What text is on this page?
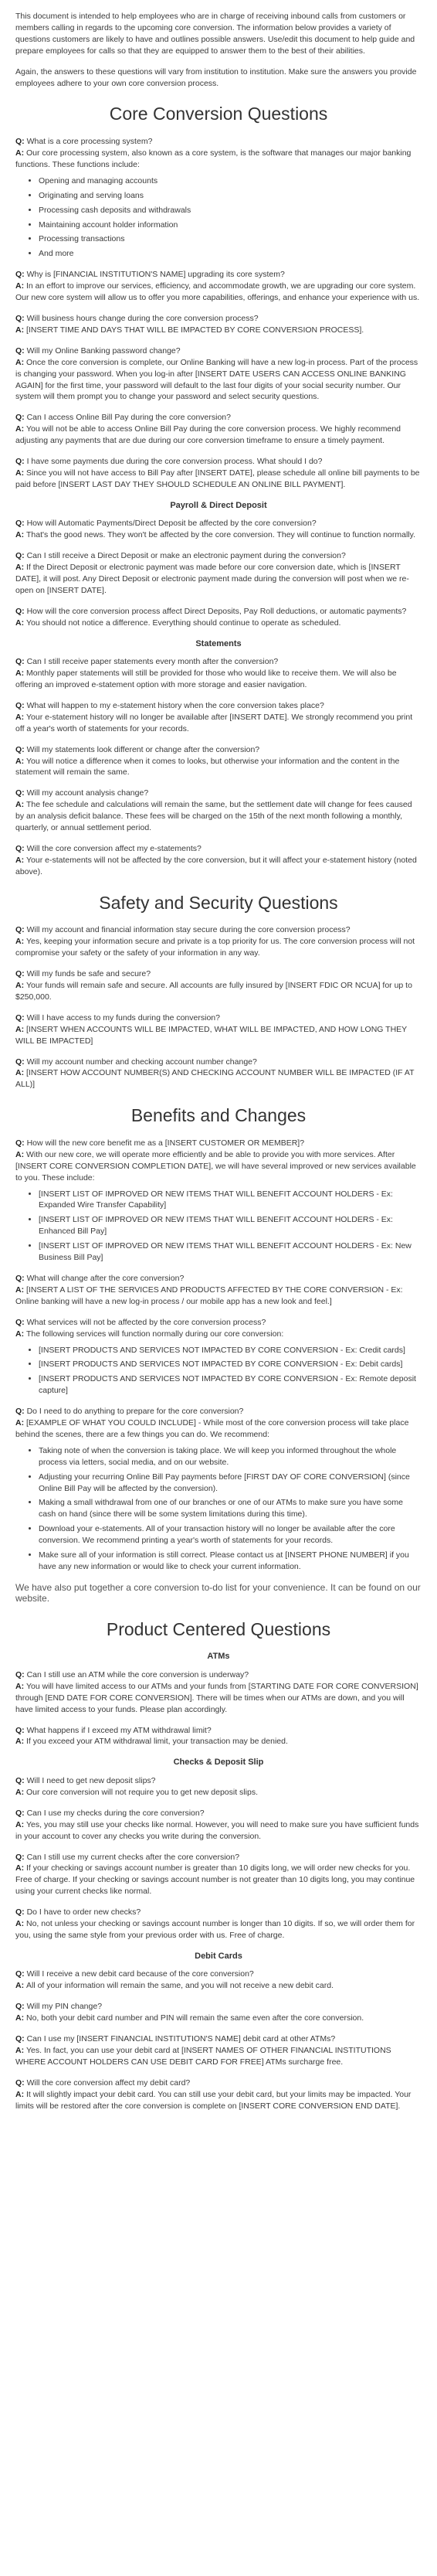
This document is intended to help employees who are in charge of receiving inbound calls from customers or members calling in regards to the upcoming core conversion. The information below provides a variety of questions customers are likely to have and outlines possible answers. Use/edit this document to help guide and prepare employees for calls so that they are equipped to answer them to the best of their abilities.

Again, the answers to these questions will vary from institution to institution. Make sure the answers you provide employees adhere to your own core conversion process.

Core Conversion Questions
Q: What is a core processing system?
A: Our core processing system, also known as a core system, is the software that manages our major banking functions. These functions include:
• Opening and managing accounts
• Originating and serving loans
• Processing cash deposits and withdrawals
• Maintaining account holder information
• Processing transactions
• And more
Q: Why is [FINANCIAL INSTITUTION'S NAME] upgrading its core system?
A: In an effort to improve our services, efficiency, and accommodate growth, we are upgrading our core system. Our new core system will allow us to offer you more capabilities, offerings, and enhance your experience with us.
Q: Will business hours change during the core conversion process?
A: [INSERT TIME AND DAYS THAT WILL BE IMPACTED BY CORE CONVERSION PROCESS].
Q: Will my Online Banking password change?
A: Once the core conversion is complete, our Online Banking will have a new log-in process. Part of the process is changing your password. When you log-in after [INSERT DATE USERS CAN ACCESS ONLINE BANKING AGAIN] for the first time, your password will default to the last four digits of your social security number. Our system will them prompt you to change your password and select security questions.
Q: Can I access Online Bill Pay during the core conversion?
A: You will not be able to access Online Bill Pay during the core conversion process. We highly recommend adjusting any payments that are due during our core conversion timeframe to ensure a timely payment.
Q: I have some payments due during the core conversion process. What should I do?
A: Since you will not have access to Bill Pay after [INSERT DATE], please schedule all online bill payments to be paid before [INSERT LAST DAY THEY SHOULD SCHEDULE AN ONLINE BILL PAYMENT].
Payroll & Direct Deposit
Q: How will Automatic Payments/Direct Deposit be affected by the core conversion?
A: That's the good news. They won't be affected by the core conversion. They will continue to function normally.
Q: Can I still receive a Direct Deposit or make an electronic payment during the conversion?
A: If the Direct Deposit or electronic payment was made before our core conversion date, which is [INSERT DATE], it will post. Any Direct Deposit or electronic payment made during the conversion will post when we re-open on [INSERT DATE].
Q: How will the core conversion process affect Direct Deposits, Pay Roll deductions, or automatic payments?
A: You should not notice a difference. Everything should continue to operate as scheduled.
Statements
Q: Can I still receive paper statements every month after the conversion?
A: Monthly paper statements will still be provided for those who would like to receive them. We will also be offering an improved e-statement option with more storage and easier navigation.
Q: What will happen to my e-statement history when the core conversion takes place?
A: Your e-statement history will no longer be available after [INSERT DATE]. We strongly recommend you print off a year's worth of statements for your records.
Q: Will my statements look different or change after the conversion?
A: You will notice a difference when it comes to looks, but otherwise your information and the content in the statement will remain the same.
Q: Will my account analysis change?
A: The fee schedule and calculations will remain the same, but the settlement date will change for fees caused by an analysis deficit balance. These fees will be charged on the 15th of the next month following a monthly, quarterly, or annual settlement period.
Q: Will the core conversion affect my e-statements?
A: Your e-statements will not be affected by the core conversion, but it will affect your e-statement history (noted above).
Safety and Security Questions
Q: Will my account and financial information stay secure during the core conversion process?
A: Yes, keeping your information secure and private is a top priority for us. The core conversion process will not compromise your safety or the safety of your information in any way.
Q: Will my funds be safe and secure?
A: Your funds will remain safe and secure. All accounts are fully insured by [INSERT FDIC OR NCUA] for up to $250,000.
Q: Will I have access to my funds during the conversion?
A: [INSERT WHEN ACCOUNTS WILL BE IMPACTED, WHAT WILL BE IMPACTED, AND HOW LONG THEY WILL BE IMPACTED]
Q: Will my account number and checking account number change?
A: [INSERT HOW ACCOUNT NUMBER(S) AND CHECKING ACCOUNT NUMBER WILL BE IMPACTED (IF AT ALL)]
Benefits and Changes
Q: How will the new core benefit me as a [INSERT CUSTOMER OR MEMBER]?
A: With our new core, we will operate more efficiently and be able to provide you with more services. After [INSERT CORE CONVERSION COMPLETION DATE], we will have several improved or new services available to you. These include:
• [INSERT LIST OF IMPROVED OR NEW ITEMS THAT WILL BENEFIT ACCOUNT HOLDERS - Ex: Expanded Wire Transfer Capability]
• [INSERT LIST OF IMPROVED OR NEW ITEMS THAT WILL BENEFIT ACCOUNT HOLDERS - Ex: Enhanced Bill Pay]
• [INSERT LIST OF IMPROVED OR NEW ITEMS THAT WILL BENEFIT ACCOUNT HOLDERS - Ex: New Business Bill Pay]
Q: What will change after the core conversion?
A: [INSERT A LIST OF THE SERVICES AND PRODUCTS AFFECTED BY THE CORE CONVERSION - Ex: Online banking will have a new log-in process / our mobile app has a new look and feel.]
Q: What services will not be affected by the core conversion process?
A: The following services will function normally during our core conversion:
• [INSERT PRODUCTS AND SERVICES NOT IMPACTED BY CORE CONVERSION - Ex: Credit cards]
• [INSERT PRODUCTS AND SERVICES NOT IMPACTED BY CORE CONVERSION - Ex: Debit cards]
• [INSERT PRODUCTS AND SERVICES NOT IMPACTED BY CORE CONVERSION - Ex: Remote deposit capture]
Q: Do I need to do anything to prepare for the core conversion?
A: [EXAMPLE OF WHAT YOU COULD INCLUDE] - While most of the core conversion process will take place behind the scenes, there are a few things you can do. We recommend:
• Taking note of when the conversion is taking place. We will keep you informed throughout the whole process via letters, social media, and on our website.
• Adjusting your recurring Online Bill Pay payments before [FIRST DAY OF CORE CONVERSION] (since Online Bill Pay will be affected by the conversion).
• Making a small withdrawal from one of our branches or one of our ATMs to make sure you have some cash on hand (since there will be some system limitations during this time).
• Download your e-statements. All of your transaction history will no longer be available after the core conversion. We recommend printing a year's worth of statements for your records.
• Make sure all of your information is still correct. Please contact us at [INSERT PHONE NUMBER] if you have any new information or would like to check your current information.
We have also put together a core conversion to-do list for your convenience. It can be found on our website.
Product Centered Questions
ATMs
Q: Can I still use an ATM while the core conversion is underway?
A: You will have limited access to our ATMs and your funds from [STARTING DATE FOR CORE CONVERSION] through [END DATE FOR CORE CONVERSION]. There will be times when our ATMs are down, and you will have limited access to your funds. Please plan accordingly.
Q: What happens if I exceed my ATM withdrawal limit?
A: If you exceed your ATM withdrawal limit, your transaction may be denied.
Checks & Deposit Slip
Q: Will I need to get new deposit slips?
A: Our core conversion will not require you to get new deposit slips.
Q: Can I use my checks during the core conversion?
A: Yes, you may still use your checks like normal. However, you will need to make sure you have sufficient funds in your account to cover any checks you write during the conversion.
Q: Can I still use my current checks after the core conversion?
A: If your checking or savings account number is greater than 10 digits long, we will order new checks for you. Free of charge. If your checking or savings account number is not greater than 10 digits long, you may continue using your current checks like normal.
Q: Do I have to order new checks?
A: No, not unless your checking or savings account number is longer than 10 digits. If so, we will order them for you, using the same style from your previous order with us. Free of charge.
Debit Cards
Q: Will I receive a new debit card because of the core conversion?
A: All of your information will remain the same, and you will not receive a new debit card.
Q: Will my PIN change?
A: No, both your debit card number and PIN will remain the same even after the core conversion.
Q: Can I use my [INSERT FINANCIAL INSTITUTION'S NAME] debit card at other ATMs?
A: Yes. In fact, you can use your debit card at [INSERT NAMES OF OTHER FINANCIAL INSTITUTIONS WHERE ACCOUNT HOLDERS CAN USE DEBIT CARD FOR FREE] ATMs surcharge free.
Q: Will the core conversion affect my debit card?
A: It will slightly impact your debit card. You can still use your debit card, but your limits may be impacted. Your limits will be restored after the core conversion is complete on [INSERT CORE CONVERSION END DATE].
